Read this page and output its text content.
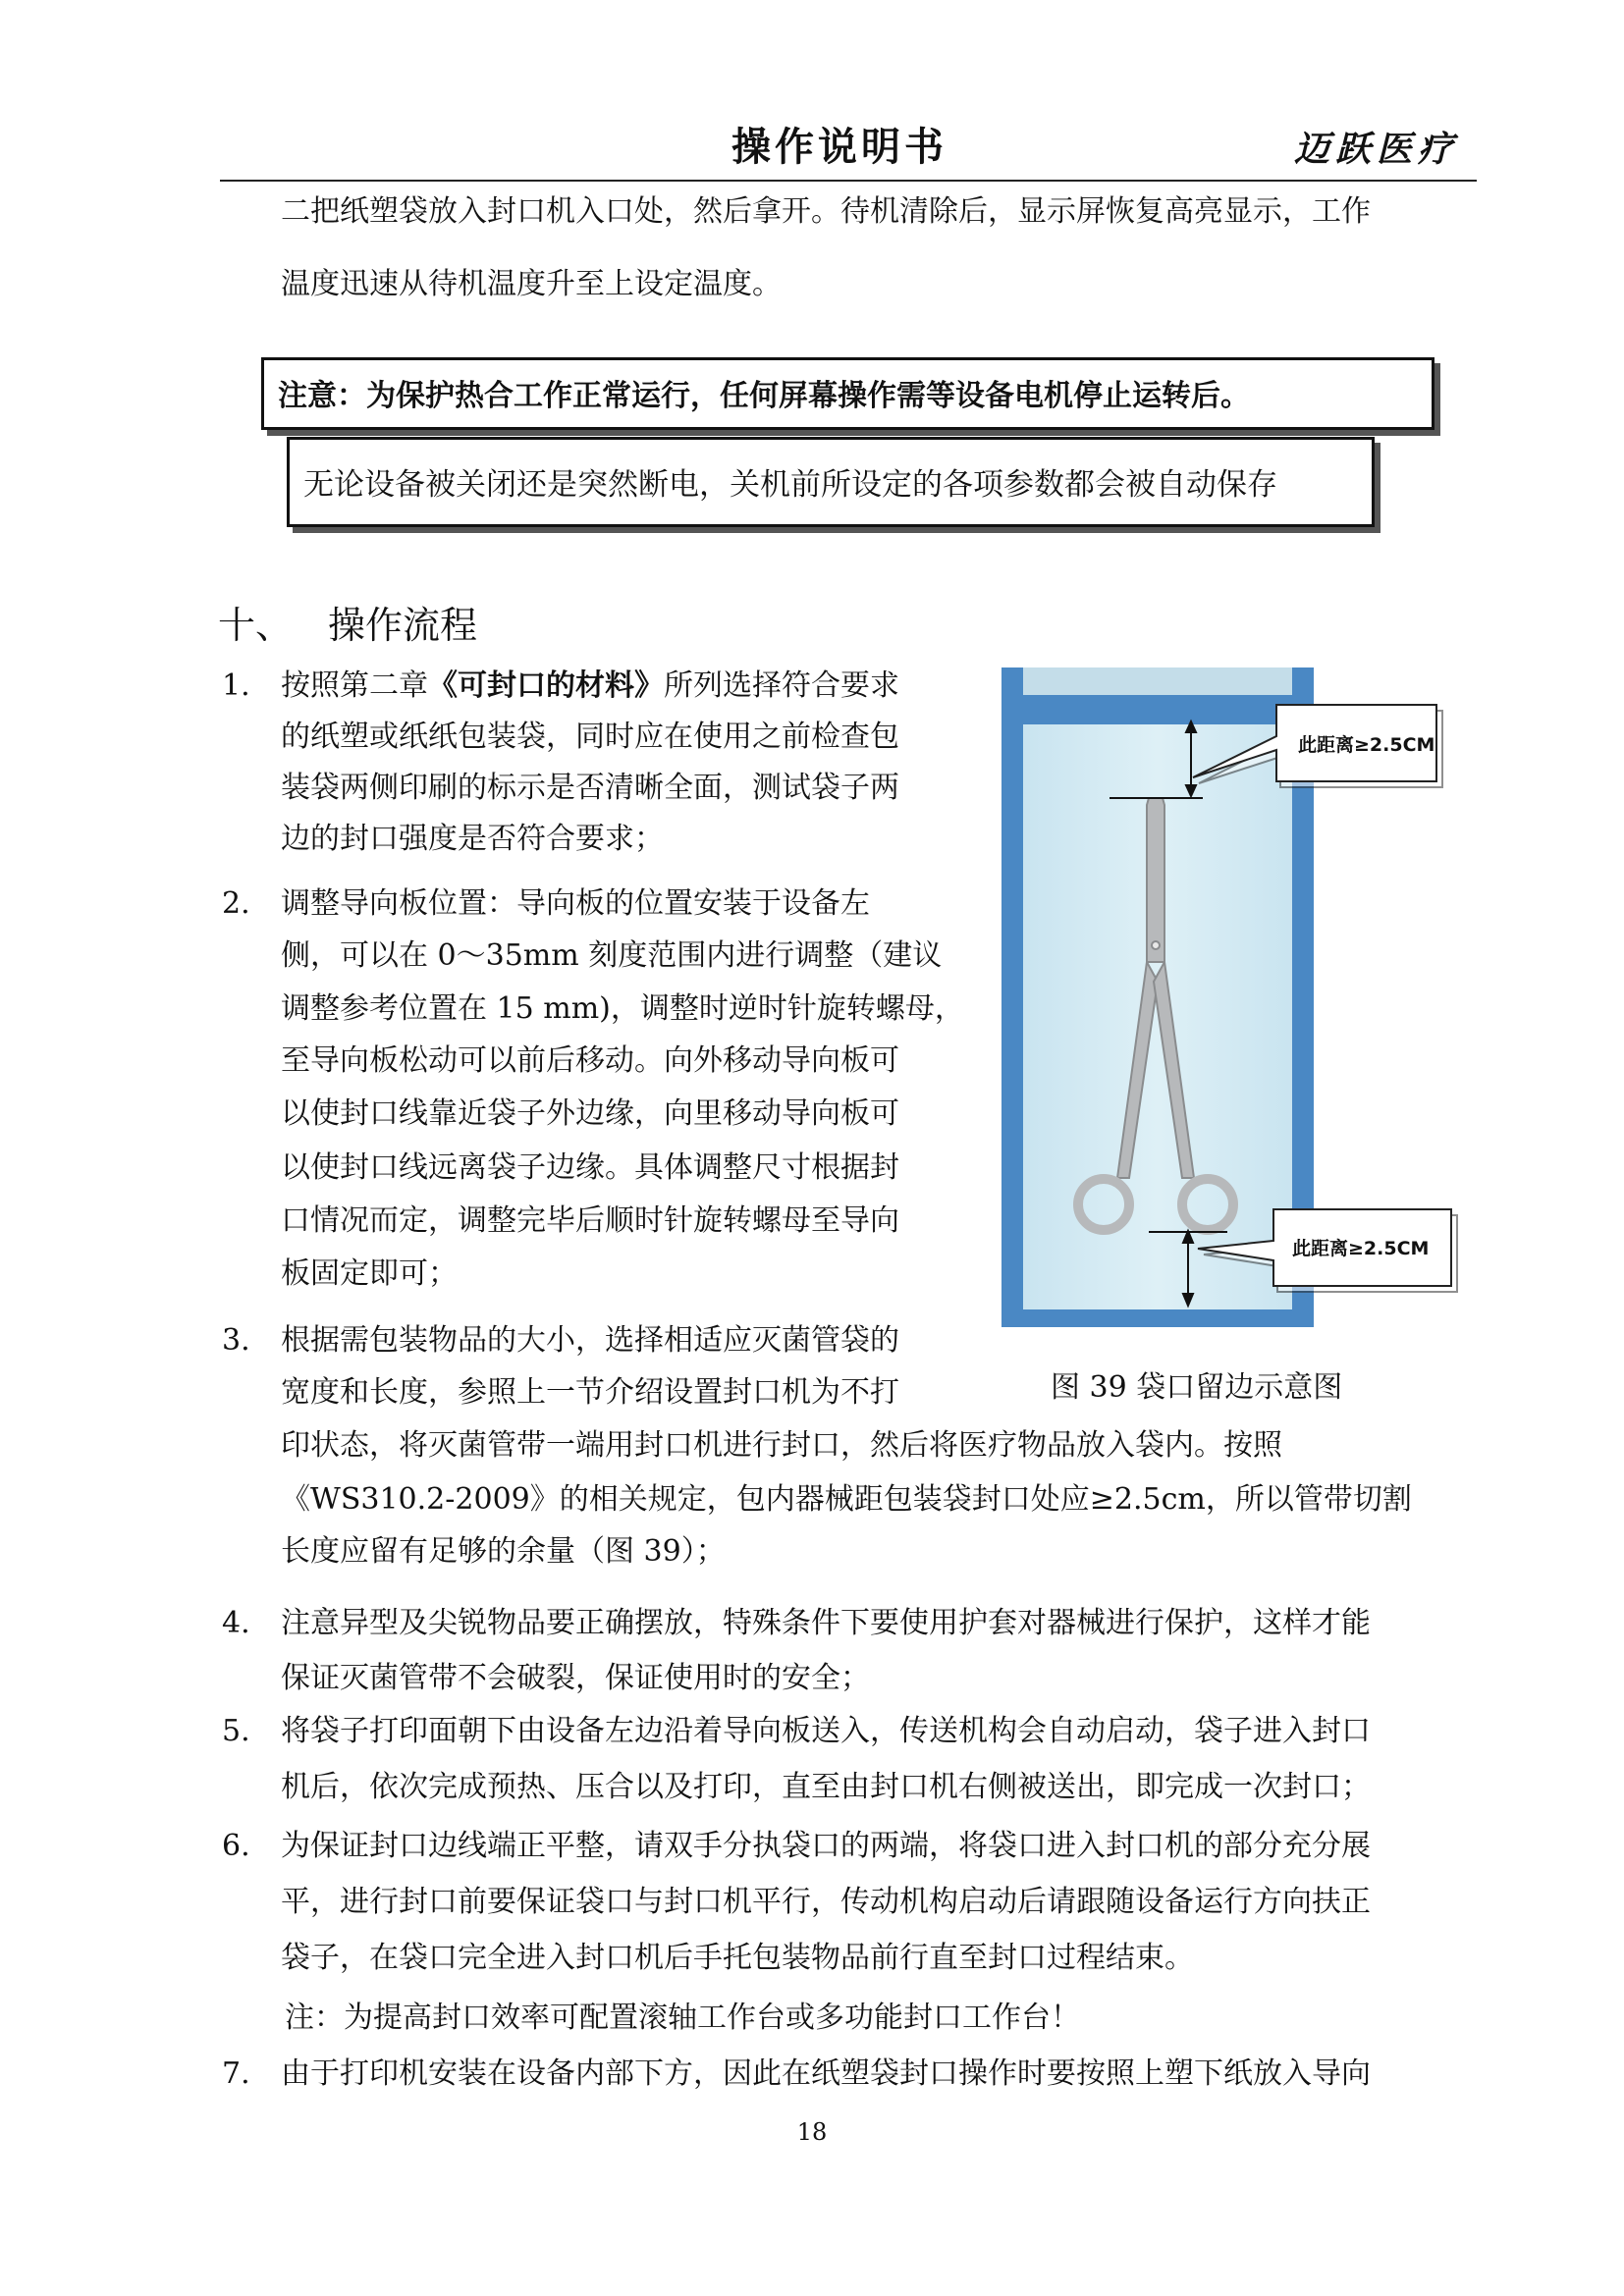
操作说明书	迈跃医疗
二把纸塑袋放入封口机入口处，然后拿开。待机清除后，显示屏恢复高亮显示，工作
温度迅速从待机温度升至上设定温度。
注意：为保护热合工作正常运行，任何屏幕操作需等设备电机停止运转后。
无论设备被关闭还是突然断电，关机前所设定的各项参数都会被自动保存
十、 操作流程
1. 按照第二章《可封口的材料》所列选择符合要求
的纸塑或纸纸包装袋，同时应在使用之前检查包
装袋两侧印刷的标示是否清晰全面，测试袋子两
边的封口强度是否符合要求；
2. 调整导向板位置：导向板的位置安装于设备左
侧，可以在 0～35mm 刻度范围内进行调整（建议
调整参考位置在 15 mm)，调整时逆时针旋转螺母，
至导向板松动可以前后移动。向外移动导向板可
以使封口线靠近袋子外边缘，向里移动导向板可
以使封口线远离袋子边缘。具体调整尺寸根据封
口情况而定，调整完毕后顺时针旋转螺母至导向
板固定即可；
3. 根据需包装物品的大小，选择相适应灭菌管袋的
宽度和长度，参照上一节介绍设置封口机为不打
印状态，将灭菌管带一端用封口机进行封口，然后将医疗物品放入袋内。按照
《WS310.2-2009》的相关规定，包内器械距包装袋封口处应≥2.5cm，所以管带切割
长度应留有足够的余量（图 39）；
4. 注意异型及尖锐物品要正确摆放，特殊条件下要使用护套对器械进行保护，这样才能
保证灭菌管带不会破裂，保证使用时的安全；
5. 将袋子打印面朝下由设备左边沿着导向板送入，传送机构会自动启动，袋子进入封口
机后，依次完成预热、压合以及打印，直至由封口机右侧被送出，即完成一次封口；
6. 为保证封口边线端正平整，请双手分执袋口的两端，将袋口进入封口机的部分充分展
平，进行封口前要保证袋口与封口机平行，传动机构启动后请跟随设备运行方向扶正
袋子，在袋口完全进入封口机后手托包装物品前行直至封口过程结束。
注：为提高封口效率可配置滚轴工作台或多功能封口工作台！
7. 由于打印机安装在设备内部下方，因此在纸塑袋封口操作时要按照上塑下纸放入导向
此距离≥2.5CM
此距离≥2.5CM
图 39 袋口留边示意图
18
